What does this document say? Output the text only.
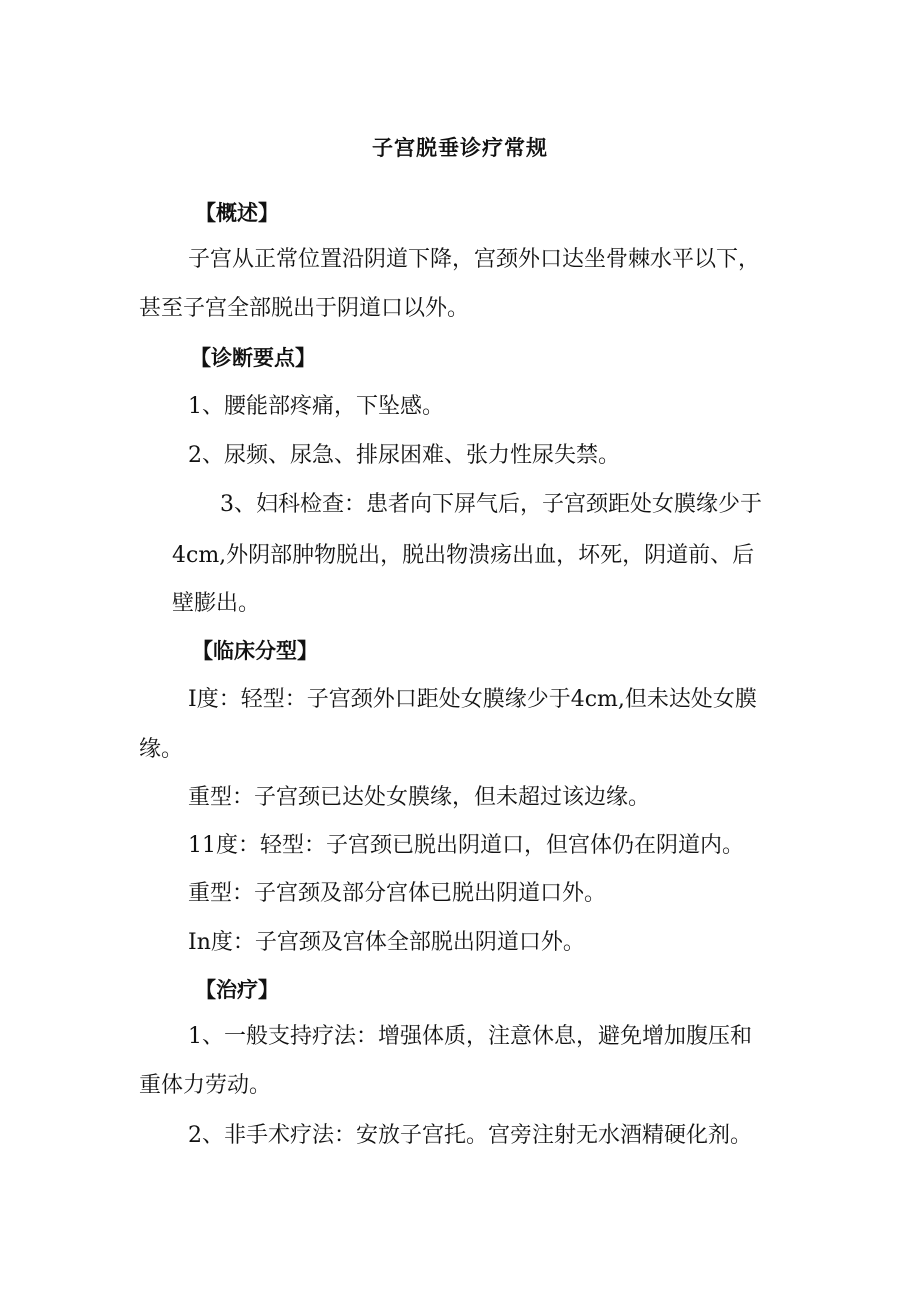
子宫脱垂诊疗常规
【概述】
子宫从正常位置沿阴道下降，宫颈外口达坐骨棘水平以下，
甚至子宫全部脱出于阴道口以外。
【诊断要点】
1、腰能部疼痛，下坠感。
2、尿频、尿急、排尿困难、张力性尿失禁。
3、妇科检查：患者向下屏气后，子宫颈距处女膜缘少于
4cm,外阴部肿物脱出，脱出物溃疡出血，坏死，阴道前、后
壁膨出。
【临床分型】
I度：轻型：子宫颈外口距处女膜缘少于4cm,但未达处女膜
缘。
重型：子宫颈已达处女膜缘，但未超过该边缘。
11度：轻型：子宫颈已脱出阴道口，但宫体仍在阴道内。
重型：子宫颈及部分宫体已脱出阴道口外。
In度：子宫颈及宫体全部脱出阴道口外。
【治疗】
1、一般支持疗法：增强体质，注意休息，避免增加腹压和
重体力劳动。
2、非手术疗法：安放子宫托。宫旁注射无水酒精硬化剂。
